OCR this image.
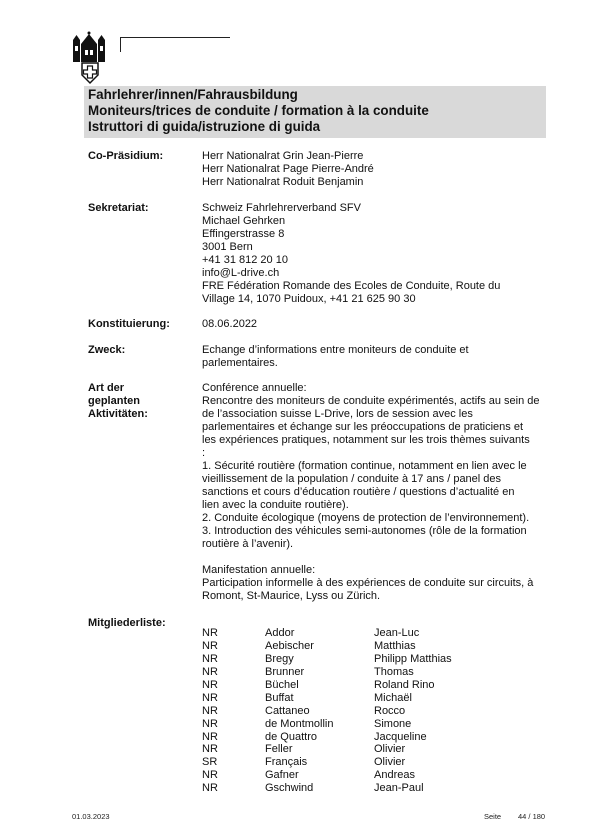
Fahrlehrer/innen/Fahrausbildung
Moniteurs/trices de conduite / formation à la conduite
Istruttori di guida/istruzione di guida
Co-Präsidium:	Herr Nationalrat Grin Jean-Pierre
Herr Nationalrat Page Pierre-André
Herr Nationalrat Roduit Benjamin
Sekretariat:	Schweiz Fahrlehrerverband SFV
Michael Gehrken
Effingerstrasse 8
3001 Bern
+41 31 812 20 10
info@L-drive.ch
FRE Fédération Romande des Ecoles de Conduite, Route du
Village 14, 1070 Puidoux, +41 21 625 90 30
Konstituierung:	08.06.2022
Zweck:	Echange d’informations entre moniteurs de conduite et
parlementaires.
Art der
geplanten
Aktivitäten:
Conférence annuelle:
Rencontre des moniteurs de conduite expérimentés, actifs au sein de
de l’association suisse L-Drive, lors de session avec les
parlementaires et échange sur les préoccupations de praticiens et
les expériences pratiques, notamment sur les trois thèmes suivants
:
1. Sécurité routière (formation continue, notamment en lien avec le
vieillissement de la population / conduite à 17 ans / panel des
sanctions et cours d’éducation routière / questions d’actualité en
lien avec la conduite routière).
2. Conduite écologique (moyens de protection de l’environnement).
3. Introduction des véhicules semi-autonomes (rôle de la formation
routière à l’avenir).
Manifestation annuelle:
Participation informelle à des expériences de conduite sur circuits, à
Romont, St-Maurice, Lyss ou Zürich.
Mitgliederliste:
NR	Addor	Jean-Luc
NR	Aebischer	Matthias
NR	Bregy	Philipp Matthias
NR	Brunner	Thomas
NR	Büchel	Roland Rino
NR	Buffat	Michaël
NR	Cattaneo	Rocco
NR	de Montmollin	Simone
NR	de Quattro	Jacqueline
NR	Feller	Olivier
SR	Français	Olivier
NR	Gafner	Andreas
NR	Gschwind	Jean-Paul
01.03.2023	Seite 44 / 180
